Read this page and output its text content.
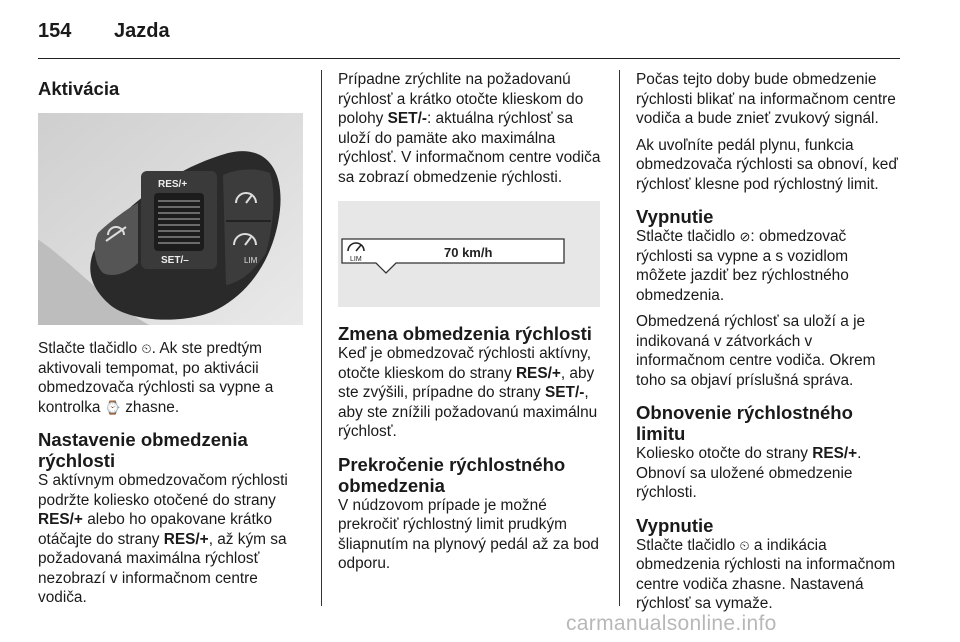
154 Jazda
Aktivácia
RES/+
SET/–	LIM

Stlačte tlačidlo ⏲. Ak ste predtým aktivovali tempomat, po aktivácii obmedzovača rýchlosti sa vypne a kontrolka ⌚ zhasne.

Nastavenie obmedzenia rýchlosti

S aktívnym obmedzovačom rýchlosti podržte koliesko otočené do strany RES/+ alebo ho opakovane krátko otáčajte do strany RES/+, až kým sa požadovaná maximálna rýchlosť nezobrazí v informačnom centre vodiča.

Prípadne zrýchlite na požadovanú rýchlosť a krátko otočte klieskom do polohy SET/-: aktuálna rýchlosť sa uloží do pamäte ako maximálna rýchlosť. V informačnom centre vodiča sa zobrazí obmedzenie rýchlosti.

LIM	70 km/h
Zmena obmedzenia rýchlosti

Keď je obmedzovač rýchlosti aktívny, otočte klieskom do strany RES/+, aby ste zvýšili, prípadne do strany SET/-, aby ste znížili požadovanú maximálnu rýchlosť.

Prekročenie rýchlostného obmedzenia

V núdzovom prípade je možné prekročiť rýchlostný limit prudkým šliapnutím na plynový pedál až za bod odporu.

Počas tejto doby bude obmedzenie rýchlosti blikať na informačnom centre vodiča a bude znieť zvukový signál.

Ak uvoľníte pedál plynu, funkcia obmedzovača rýchlosti sa obnoví, keď rýchlosť klesne pod rýchlostný limit.

Vypnutie

Stlačte tlačidlo ⊘: obmedzovač rýchlosti sa vypne a s vozidlom môžete jazdiť bez rýchlostného obmedzenia.

Obmedzená rýchlosť sa uloží a je indikovaná v zátvorkách v informačnom centre vodiča. Okrem toho sa objaví príslušná správa.

Obnovenie rýchlostného limitu

Koliesko otočte do strany RES/+. Obnoví sa uložené obmedzenie rýchlosti.

Vypnutie

Stlačte tlačidlo ⏲ a indikácia obmedzenia rýchlosti na informačnom centre vodiča zhasne. Nastavená rýchlosť sa vymaže.

carmanualsonline.info
